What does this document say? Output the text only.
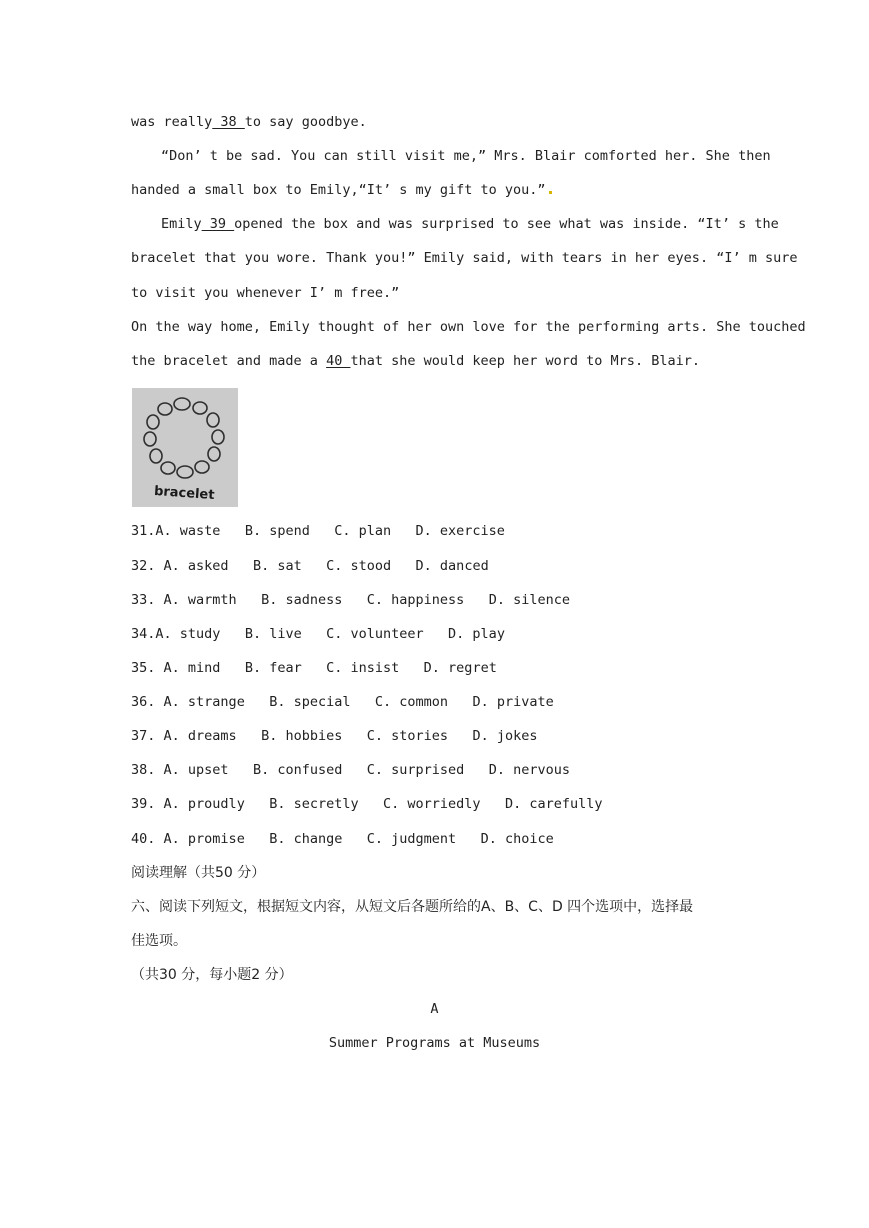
was really 38 to say goodbye.
“Don’ t be sad. You can still visit me,” Mrs. Blair comforted her. She then
handed a small box to Emily,“It’ s my gift to you.”
Emily 39 opened the box and was surprised to see what was inside. “It’ s the
bracelet that you wore. Thank you!” Emily said, with tears in her eyes. “I’ m sure
to visit you whenever I’ m free.”
On the way home, Emily thought of her own love for the performing arts. She touched
the bracelet and made a 40 that she would keep her word to Mrs. Blair.
bracelet
31.A. waste B. spend C. plan D. exercise
32. A. asked B. sat C. stood D. danced
33. A. warmth B. sadness C. happiness D. silence
34.A. study B. live C. volunteer D. play
35. A. mind B. fear C. insist D. regret
36. A. strange B. special C. common D. private
37. A. dreams B. hobbies C. stories D. jokes
38. A. upset B. confused C. surprised D. nervous
39. A. proudly B. secretly C. worriedly D. carefully
40. A. promise B. change C. judgment D. choice
阅读理解（共50 分）
六、阅读下列短文，根据短文内容，从短文后各题所给的A、B、C、D 四个选项中，选择最
佳选项。
（共30 分，每小题2 分）
A
Summer Programs at Museums
